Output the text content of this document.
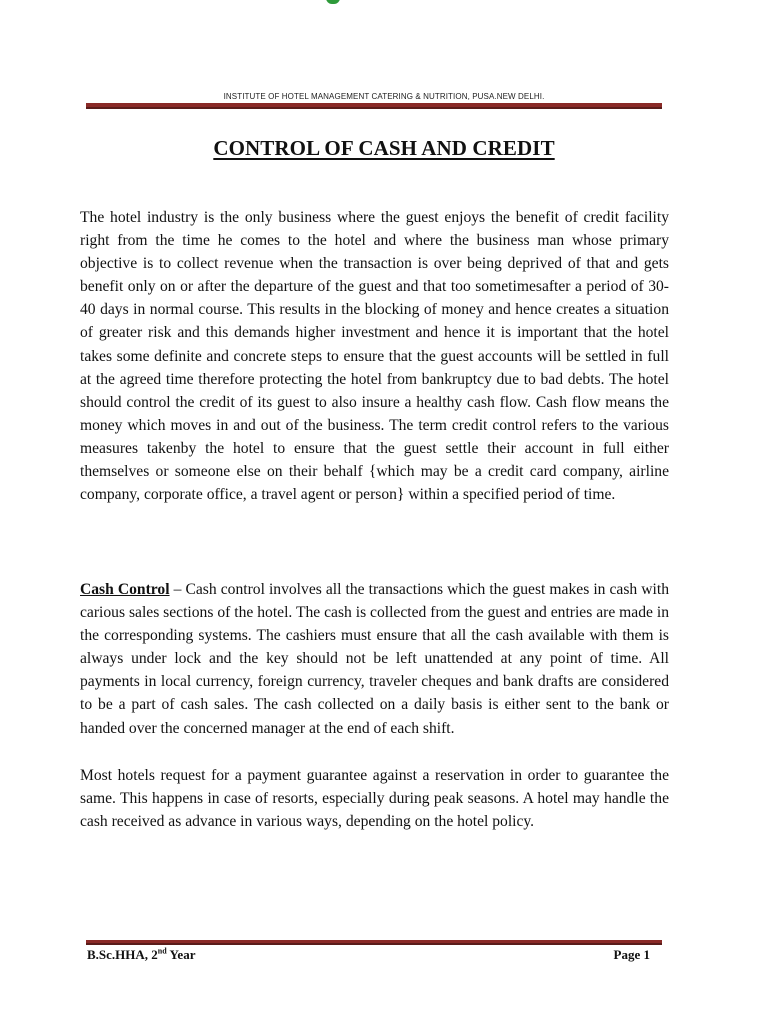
INSTITUTE OF HOTEL MANAGEMENT CATERING & NUTRITION, PUSA.NEW DELHI.
CONTROL OF CASH AND CREDIT

The hotel industry is the only business where the guest enjoys the benefit of credit facility right from the time he comes to the hotel and where the business man whose primary objective is to collect revenue when the transaction is over being deprived of that and gets benefit only on or after the departure of the guest and that too sometimesafter a period of 30-40 days in normal course. This results in the blocking of money and hence creates a situation of greater risk and this demands higher investment and hence it is important that the hotel takes some definite and concrete steps to ensure that the guest accounts will be settled in full at the agreed time therefore protecting the hotel from bankruptcy due to bad debts. The hotel should control the credit of its guest to also insure a healthy cash flow. Cash flow means the money which moves in and out of the business. The term credit control refers to the various measures takenby the hotel to ensure that the guest settle their account in full either themselves or someone else on their behalf {which may be a credit card company, airline company, corporate office, a travel agent or person} within a specified period of time.

Cash Control – Cash control involves all the transactions which the guest makes in cash with carious sales sections of the hotel. The cash is collected from the guest and entries are made in the corresponding systems. The cashiers must ensure that all the cash available with them is always under lock and the key should not be left unattended at any point of time. All payments in local currency, foreign currency, traveler cheques and bank drafts are considered to be a part of cash sales. The cash collected on a daily basis is either sent to the bank or handed over the concerned manager at the end of each shift.

Most hotels request for a payment guarantee against a reservation in order to guarantee the same. This happens in case of resorts, especially during peak seasons. A hotel may handle the cash received as advance in various ways, depending on the hotel policy.

B.Sc.HHA, 2nd Year	Page 1
